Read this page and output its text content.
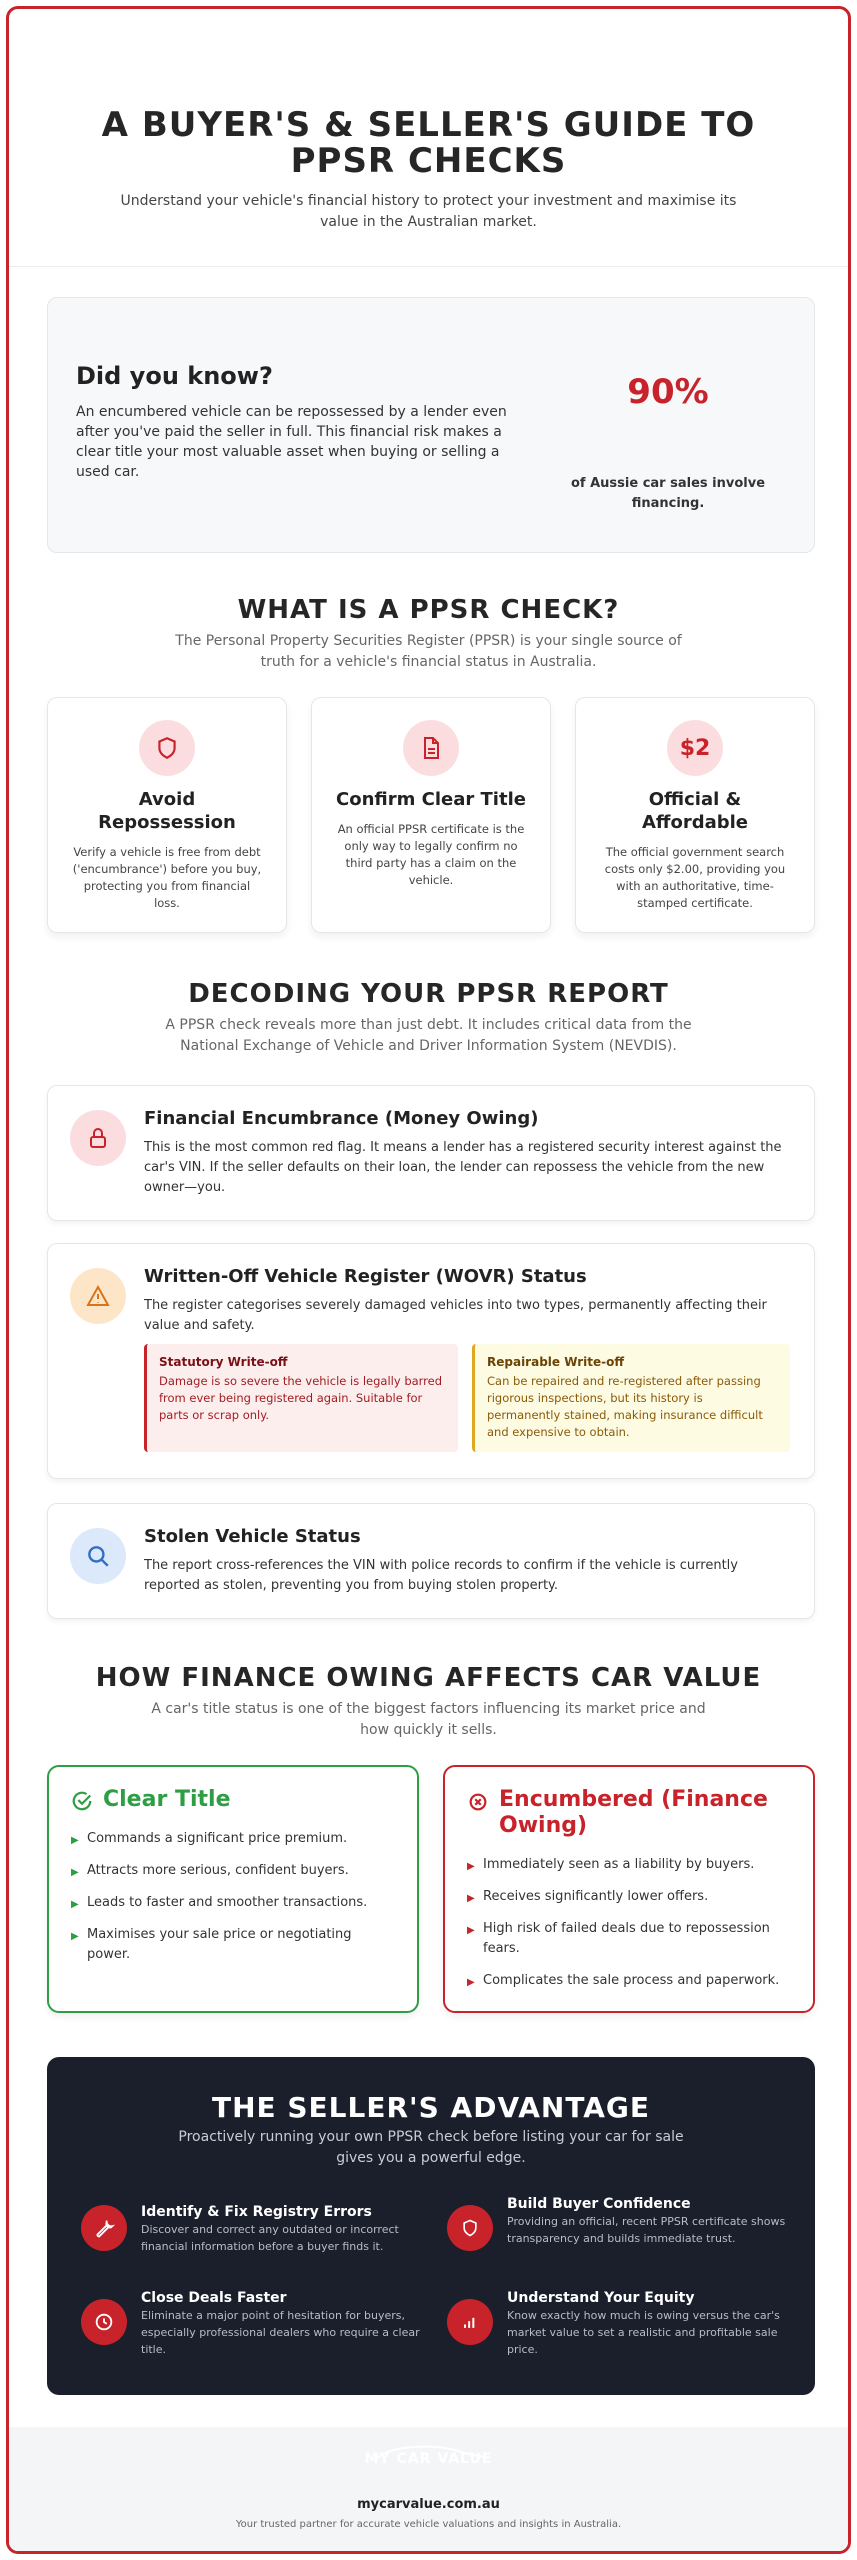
A BUYER'S & SELLER'S GUIDE TO PPSR CHECKS

Understand your vehicle's financial history to protect your investment and maximise its value in the Australian market.

Did you know?

An encumbered vehicle can be repossessed by a lender even after you've paid the seller in full. This financial risk makes a clear title your most valuable asset when buying or selling a used car.

90%
of Aussie car sales involve financing.
WHAT IS A PPSR CHECK?
The Personal Property Securities Register (PPSR) is your single source of truth for a vehicle's financial status in Australia.
Avoid Repossession

Verify a vehicle is free from debt ('encumbrance') before you buy, protecting you from financial loss.

Confirm Clear Title

An official PPSR certificate is the only way to legally confirm no third party has a claim on the vehicle.

$2
Official & Affordable

The official government search costs only $2.00, providing you with an authoritative, time-stamped certificate.

DECODING YOUR PPSR REPORT
A PPSR check reveals more than just debt. It includes critical data from the National Exchange of Vehicle and Driver Information System (NEVDIS).
Financial Encumbrance (Money Owing)

This is the most common red flag. It means a lender has a registered security interest against the car's VIN. If the seller defaults on their loan, the lender can repossess the vehicle from the new owner—you.

Written-Off Vehicle Register (WOVR) Status

The register categorises severely damaged vehicles into two types, permanently affecting their value and safety.

Statutory Write-off
Damage is so severe the vehicle is legally barred from ever being registered again. Suitable for parts or scrap only.
Repairable Write-off
Can be repaired and re-registered after passing rigorous inspections, but its history is permanently stained, making insurance difficult and expensive to obtain.
Stolen Vehicle Status

The report cross-references the VIN with police records to confirm if the vehicle is currently reported as stolen, preventing you from buying stolen property.

HOW FINANCE OWING AFFECTS CAR VALUE
A car's title status is one of the biggest factors influencing its market price and how quickly it sells.
Clear Title
▶ Commands a significant price premium.
▶ Attracts more serious, confident buyers.
▶ Leads to faster and smoother transactions.
▶ Maximises your sale price or negotiating power.
Encumbered (Finance Owing)
▶ Immediately seen as a liability by buyers.
▶ Receives significantly lower offers.
▶ High risk of failed deals due to repossession fears.
▶ Complicates the sale process and paperwork.
THE SELLER'S ADVANTAGE

Proactively running your own PPSR check before listing your car for sale gives you a powerful edge.

Identify & Fix Registry Errors

Discover and correct any outdated or incorrect financial information before a buyer finds it.

Build Buyer Confidence

Providing an official, recent PPSR certificate shows transparency and builds immediate trust.

Close Deals Faster

Eliminate a major point of hesitation for buyers, especially professional dealers who require a clear title.

Understand Your Equity

Know exactly how much is owing versus the car's market value to set a realistic and profitable sale price.

MY CAR VALUE
mycarvalue.com.au
Your trusted partner for accurate vehicle valuations and insights in Australia.
